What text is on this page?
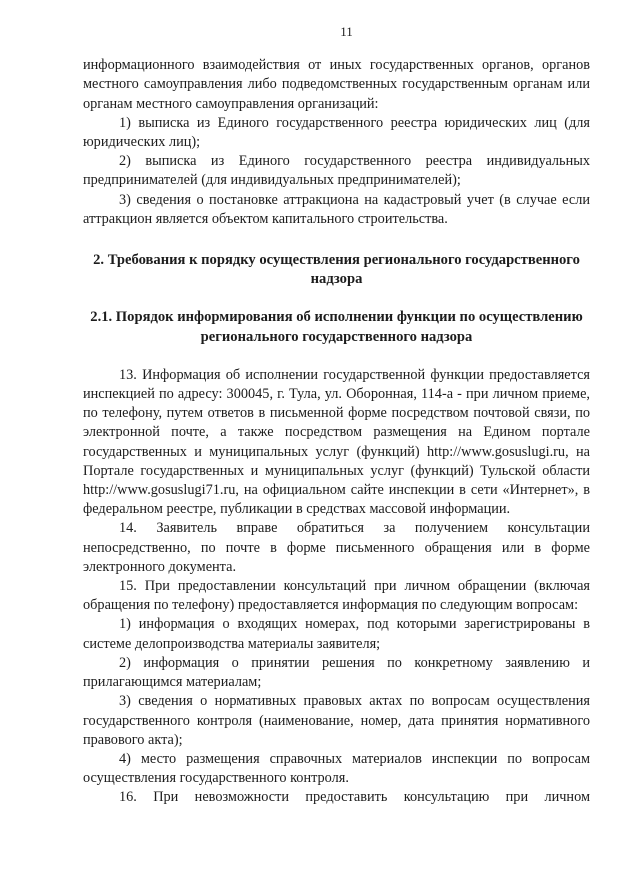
11

информационного взаимодействия от иных государственных органов, органов местного самоуправления либо подведомственных государственным органам или органам местного самоуправления организаций:

1) выписка из Единого государственного реестра юридических лиц (для юридических лиц);

2) выписка из Единого государственного реестра индивидуальных предпринимателей (для индивидуальных предпринимателей);

3) сведения о постановке аттракциона на кадастровый учет (в случае если аттракцион является объектом капитального строительства.

2. Требования к порядку осуществления регионального государственного надзора
2.1. Порядок информирования об исполнении функции по осуществлению регионального государственного надзора

13. Информация об исполнении государственной функции предоставляется инспекцией по адресу: 300045, г. Тула, ул. Оборонная, 114-а - при личном приеме, по телефону, путем ответов в письменной форме посредством почтовой связи, по электронной почте, а также посредством размещения на Едином портале государственных и муниципальных услуг (функций) http://www.gosuslugi.ru, на Портале государственных и муниципальных услуг (функций) Тульской области http://www.gosuslugi71.ru, на официальном сайте инспекции в сети «Интернет», в федеральном реестре, публикации в средствах массовой информации.

14. Заявитель вправе обратиться за получением консультации непосредственно, по почте в форме письменного обращения или в форме электронного документа.

15. При предоставлении консультаций при личном обращении (включая обращения по телефону) предоставляется информация по следующим вопросам:

1) информация о входящих номерах, под которыми зарегистрированы в системе делопроизводства материалы заявителя;

2) информация о принятии решения по конкретному заявлению и прилагающимся материалам;

3) сведения о нормативных правовых актах по вопросам осуществления государственного контроля (наименование, номер, дата принятия нормативного правового акта);

4) место размещения справочных материалов инспекции по вопросам осуществления государственного контроля.

16. При невозможности предоставить консультацию при личном
